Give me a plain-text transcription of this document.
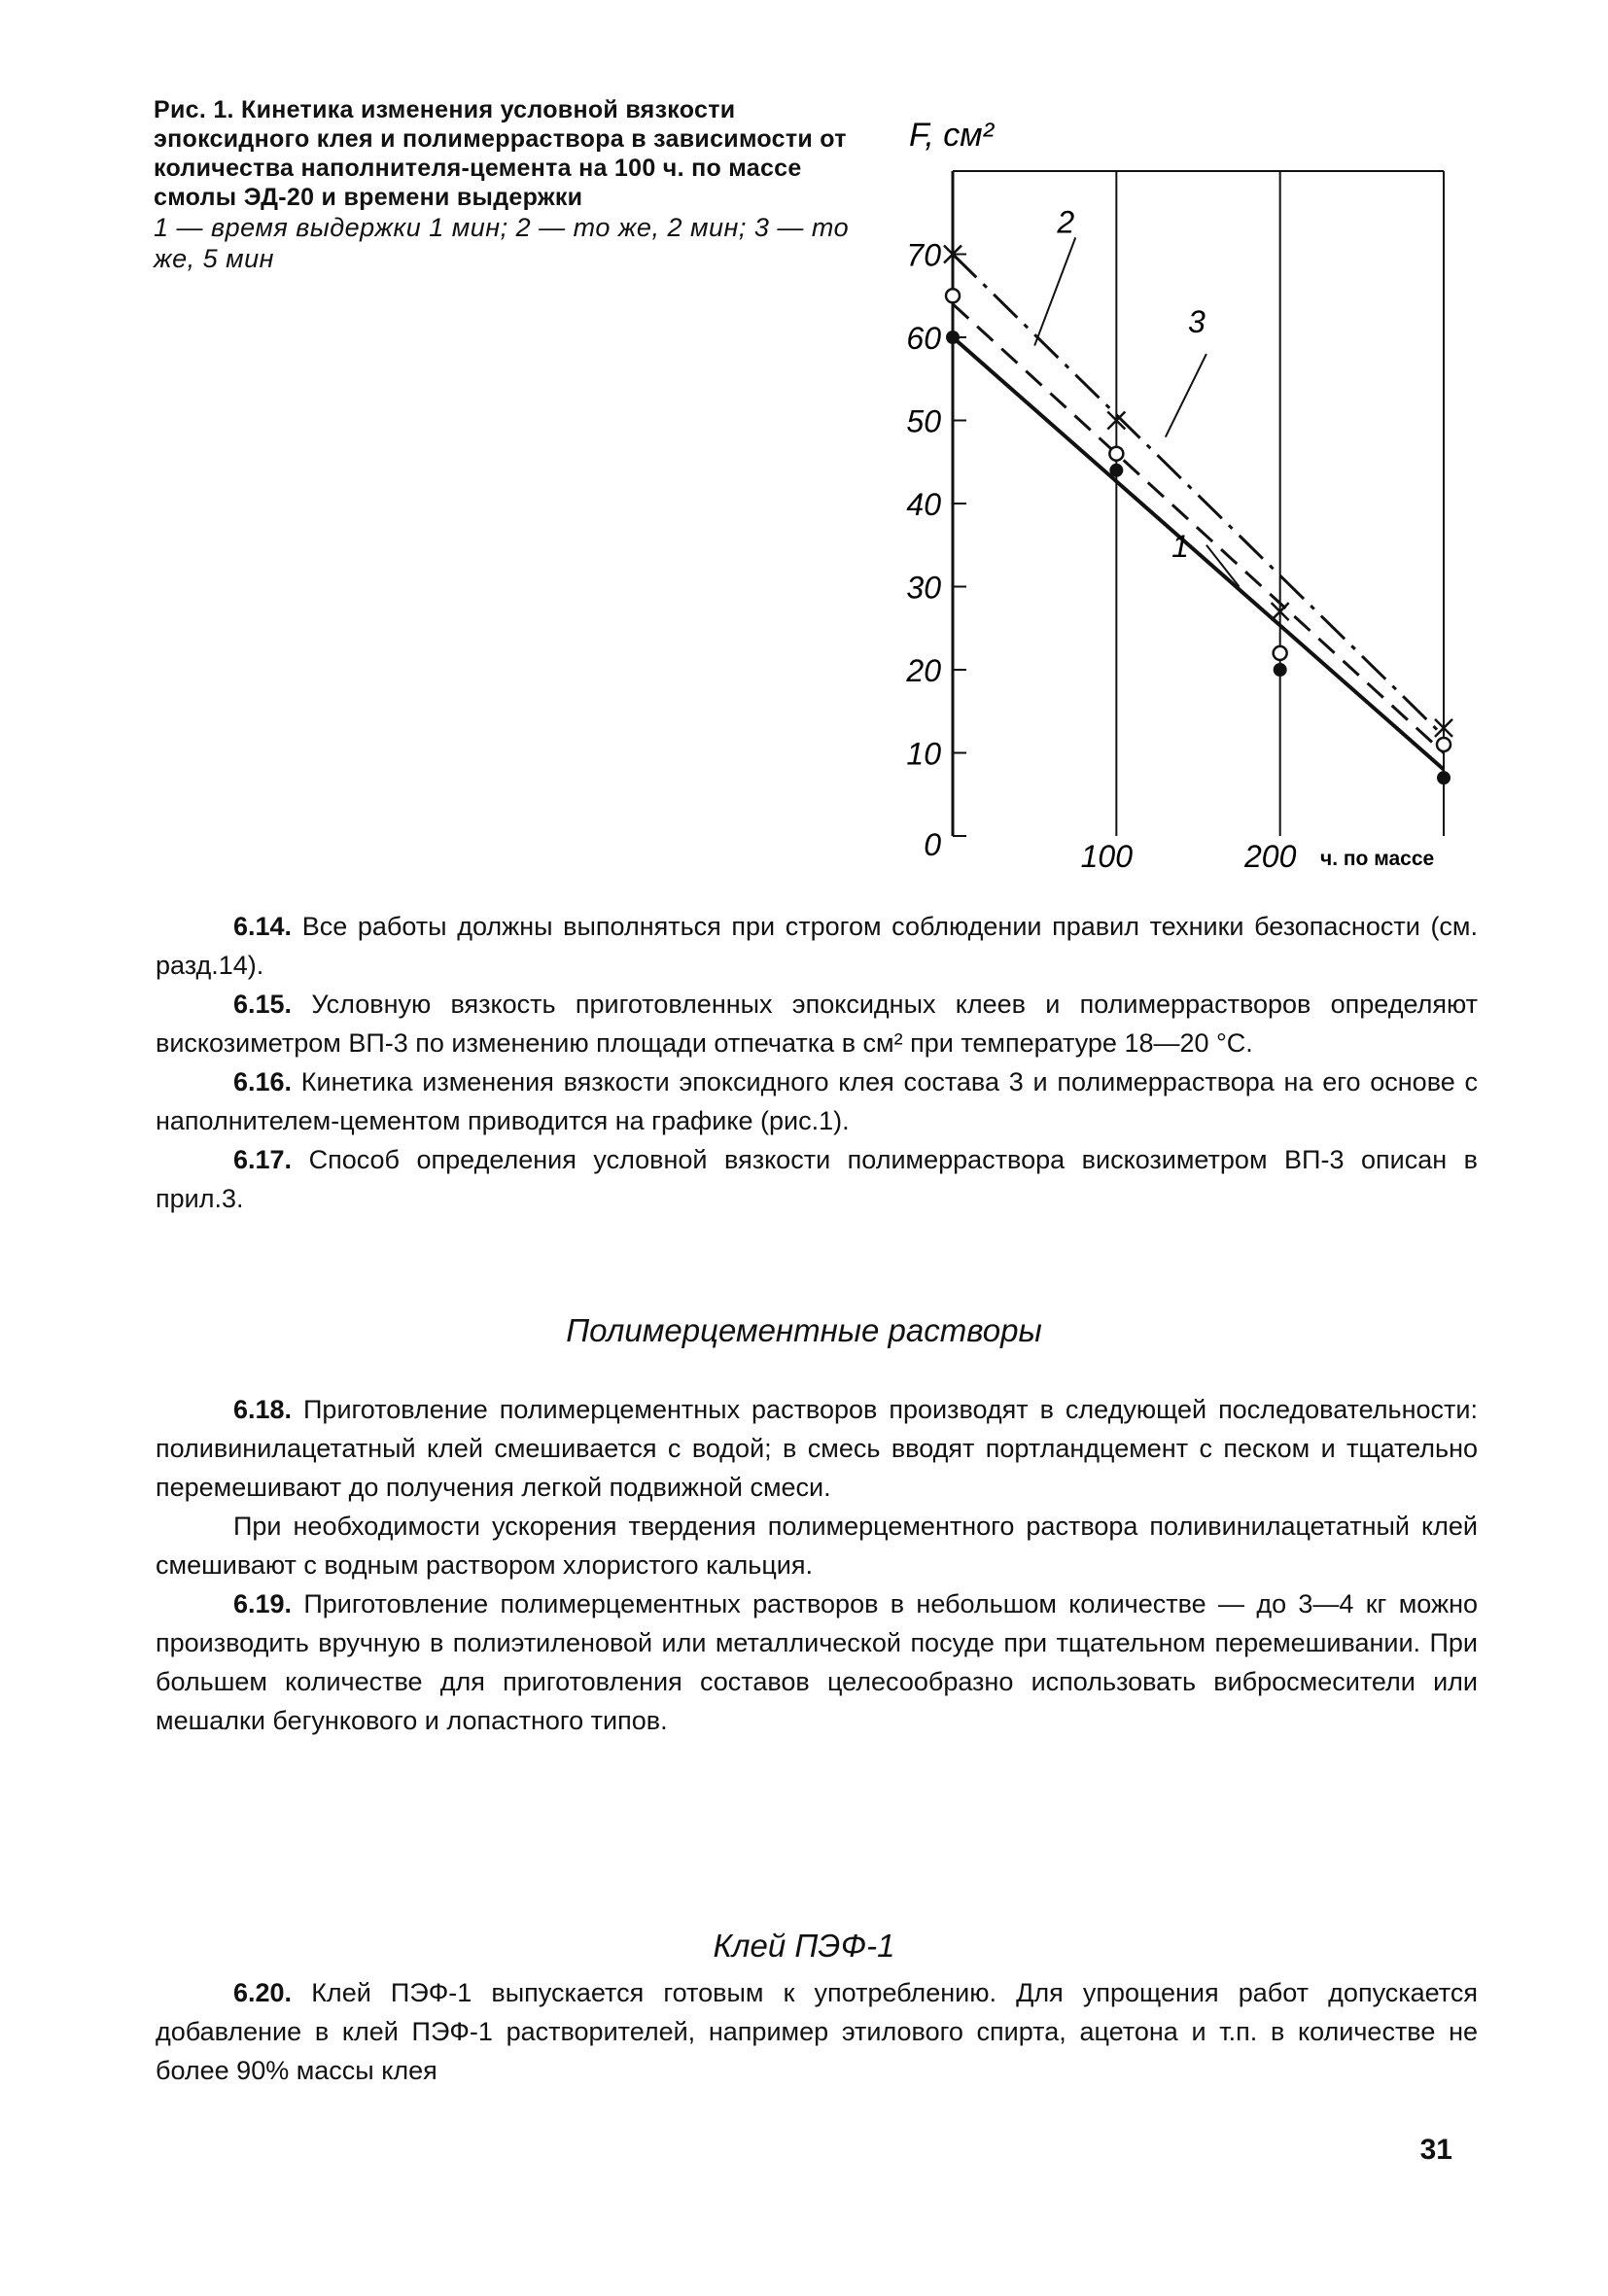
Рис. 1. Кинетика изменения условной вязкости эпоксидного клея и полимерраствора в зависимости от количества наполнителя-цемента на 100 ч. по массе смолы ЭД-20 и времени выдержки
1 — время выдержки 1 мин; 2 — то же, 2 мин; 3 — то же, 5 мин
0
10
20
30
40
50
60
70
100	200
1
2
3
F, см²
ч. по массе

6.14. Все работы должны выполняться при строгом соблюдении правил техники безопасности (см. разд.14).

6.15. Условную вязкость приготовленных эпоксидных клеев и полимеррастворов определяют вискозиметром ВП-3 по изменению площади отпечатка в см² при температуре 18—20 °С.

6.16. Кинетика изменения вязкости эпоксидного клея состава 3 и полимерраствора на его основе с наполнителем-цементом приводится на графике (рис.1).

6.17. Способ определения условной вязкости полимерраствора вискозиметром ВП-3 описан в прил.3.

Полимерцементные растворы

6.18. Приготовление полимерцементных растворов производят в следующей последовательности: поливинилацетатный клей смешивается с водой; в смесь вводят портландцемент с песком и тщательно перемешивают до получения легкой подвижной смеси.

При необходимости ускорения твердения полимерцементного раствора поливинилацетатный клей смешивают с водным раствором хлористого кальция.

6.19. Приготовление полимерцементных растворов в небольшом количестве — до 3—4 кг можно производить вручную в полиэтиленовой или металлической посуде при тщательном перемешивании. При большем количестве для приготовления составов целесообразно использовать вибросмесители или мешалки бегункового и лопастного типов.

Клей ПЭФ-1

6.20. Клей ПЭФ-1 выпускается готовым к употреблению. Для упрощения работ допускается добавление в клей ПЭФ-1 растворителей, например этилового спирта, ацетона и т.п. в количестве не более 90% массы клея

31
